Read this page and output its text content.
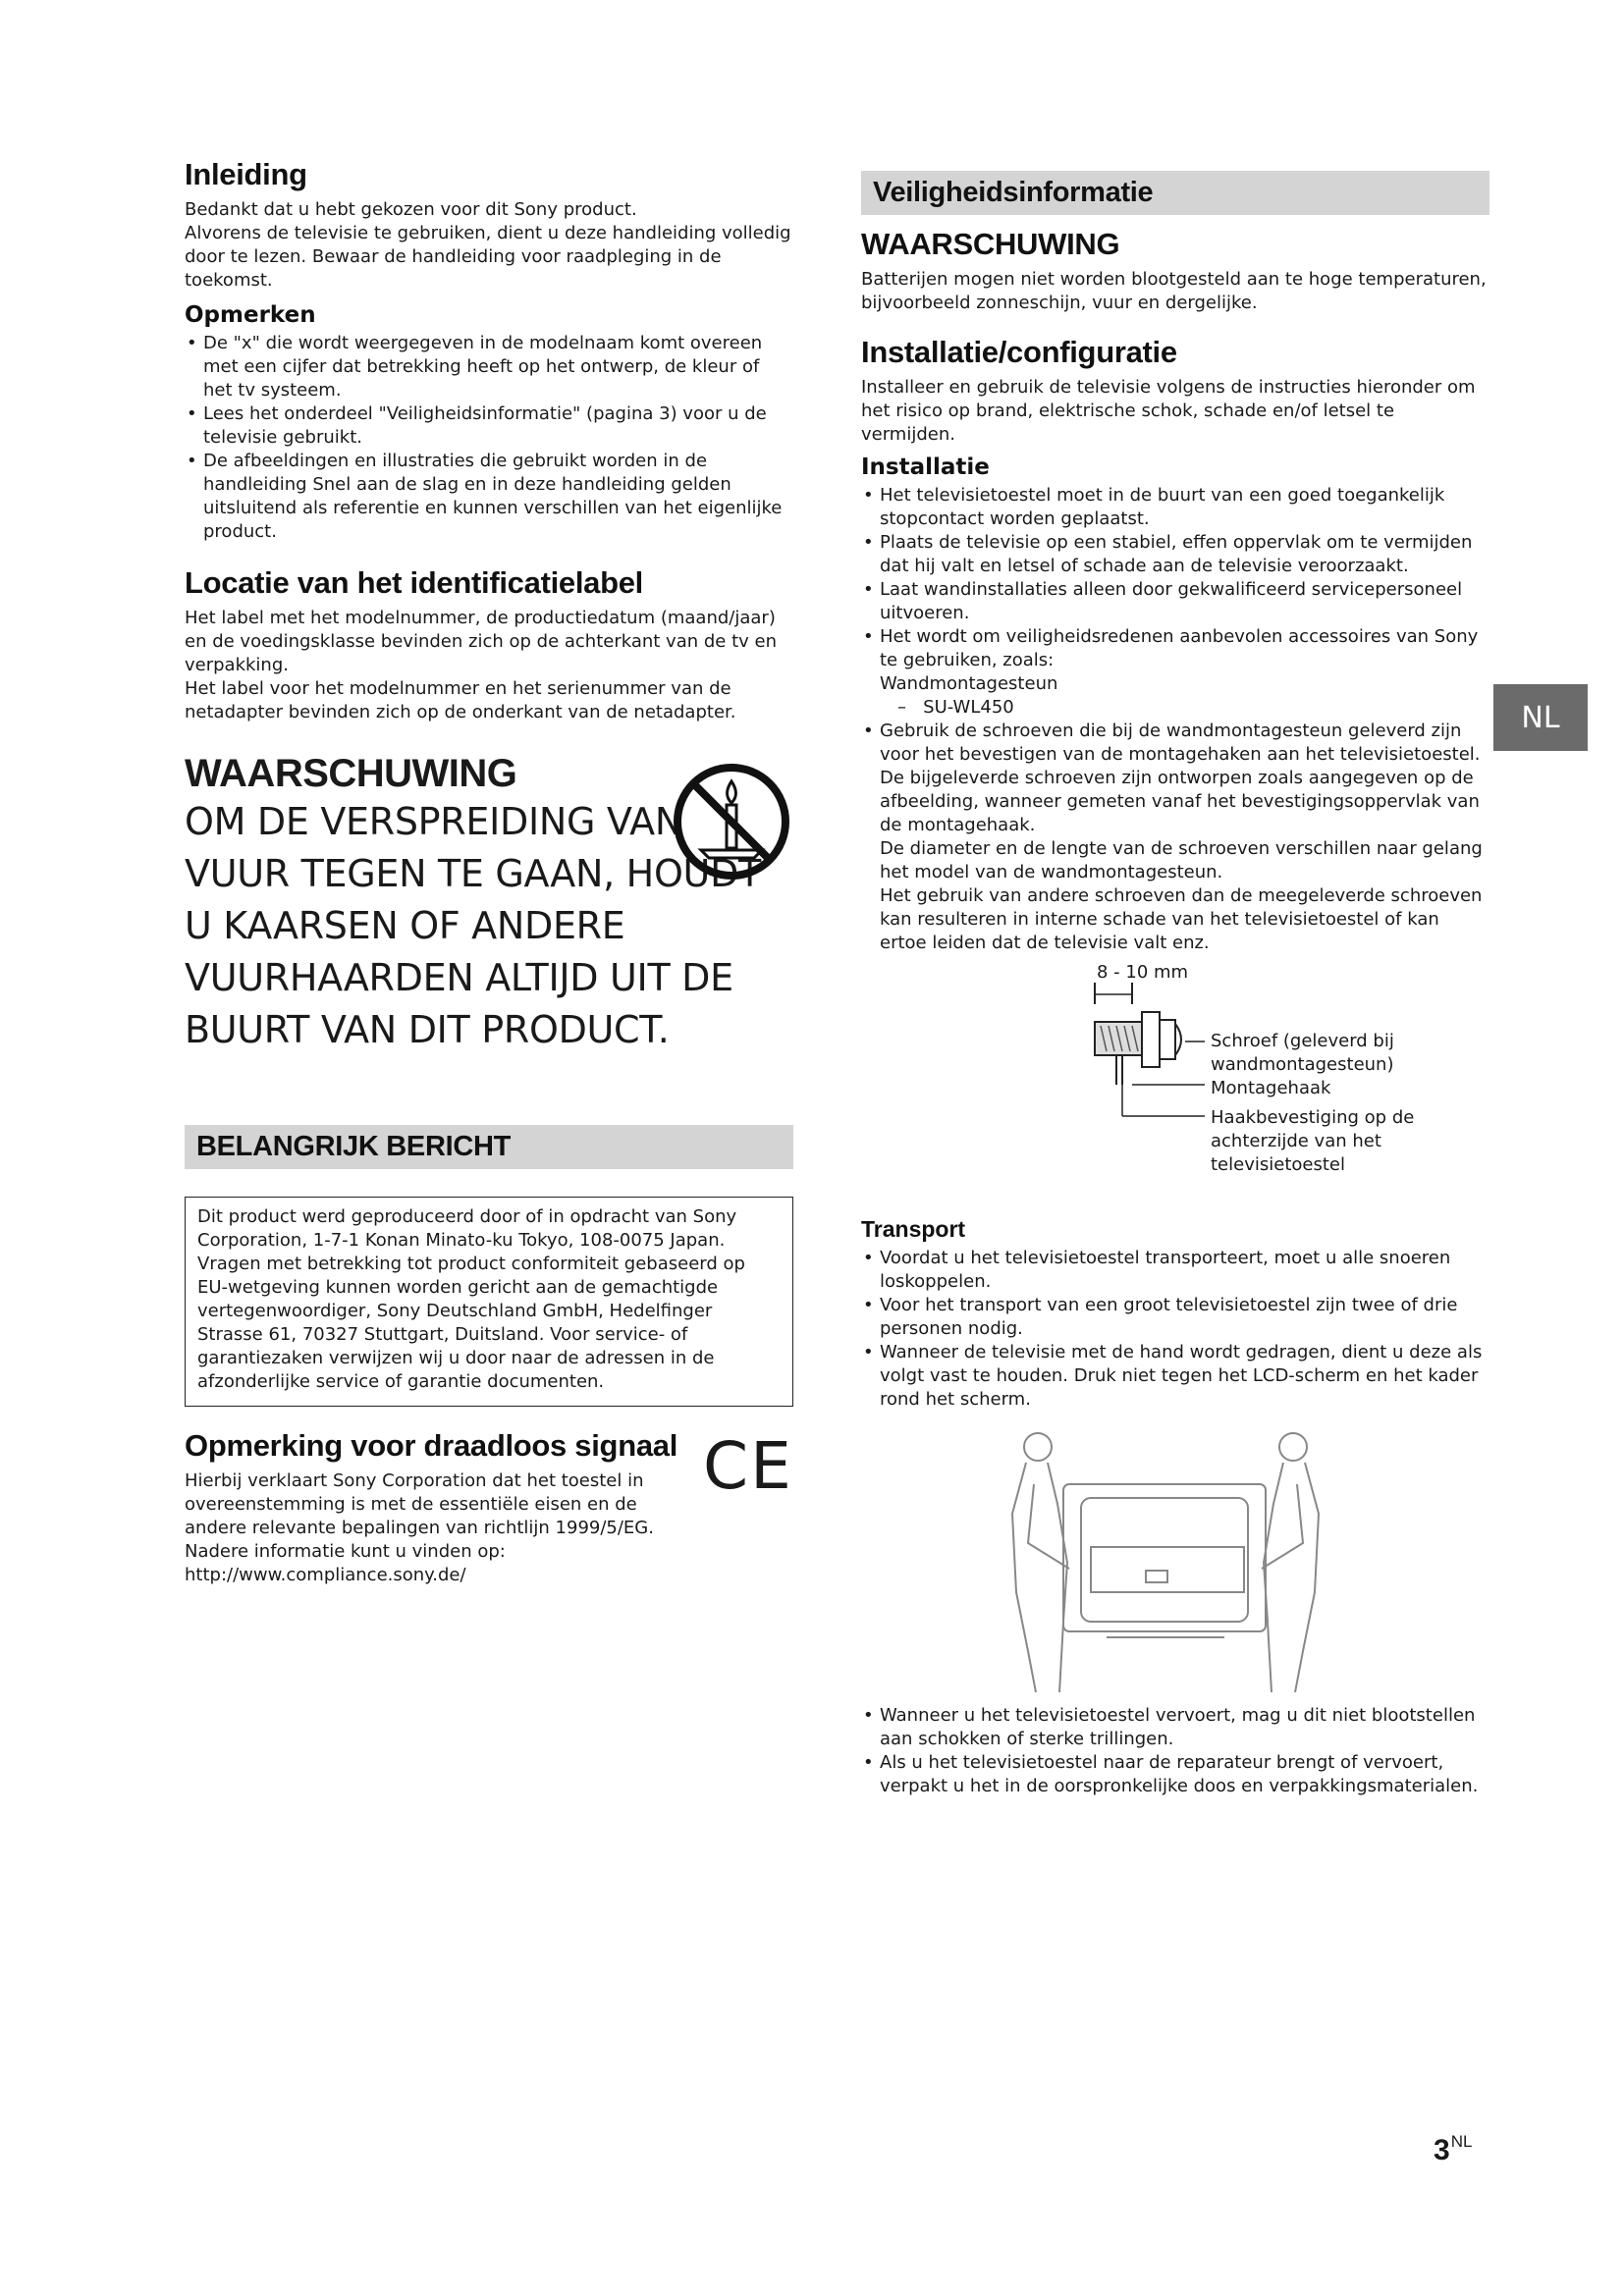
Inleiding

Bedankt dat u hebt gekozen voor dit Sony product.

Alvorens de televisie te gebruiken, dient u deze handleiding volledig door te lezen. Bewaar de handleiding voor raadpleging in de toekomst.

Opmerken
• De "x" die wordt weergegeven in de modelnaam komt overeen met een cijfer dat betrekking heeft op het ontwerp, de kleur of het tv systeem.
• Lees het onderdeel "Veiligheidsinformatie" (pagina 3) voor u de televisie gebruikt.
• De afbeeldingen en illustraties die gebruikt worden in de handleiding Snel aan de slag en in deze handleiding gelden uitsluitend als referentie en kunnen verschillen van het eigenlijke product.
Locatie van het identificatielabel

Het label met het modelnummer, de productiedatum (maand/jaar) en de voedingsklasse bevinden zich op de achterkant van de tv en verpakking.

Het label voor het modelnummer en het serienummer van de netadapter bevinden zich op de onderkant van de netadapter.

WAARSCHUWING
OM DE VERSPREIDING VAN VUUR TEGEN TE GAAN, HOUDT U KAARSEN OF ANDERE VUURHAARDEN ALTIJD UIT DE BUURT VAN DIT PRODUCT.
BELANGRIJK BERICHT
Dit product werd geproduceerd door of in opdracht van Sony Corporation, 1-7-1 Konan Minato-ku Tokyo, 108-0075 Japan. Vragen met betrekking tot product conformiteit gebaseerd op EU-wetgeving kunnen worden gericht aan de gemachtigde vertegenwoordiger, Sony Deutschland GmbH, Hedelfinger Strasse 61, 70327 Stuttgart, Duitsland. Voor service- of garantiezaken verwijzen wij u door naar de adressen in de afzonderlijke service of garantie documenten.
Opmerking voor draadloos signaal

Hierbij verklaart Sony Corporation dat het toestel in overeenstemming is met de essentiële eisen en de andere relevante bepalingen van richtlijn 1999/5/EG.

Nadere informatie kunt u vinden op:

http://www.compliance.sony.de/

CE
Veiligheidsinformatie
WAARSCHUWING

Batterijen mogen niet worden blootgesteld aan te hoge temperaturen, bijvoorbeeld zonneschijn, vuur en dergelijke.

Installatie/configuratie

Installeer en gebruik de televisie volgens de instructies hieronder om het risico op brand, elektrische schok, schade en/of letsel te vermijden.

Installatie
• Het televisietoestel moet in de buurt van een goed toegankelijk stopcontact worden geplaatst.
• Plaats de televisie op een stabiel, effen oppervlak om te vermijden dat hij valt en letsel of schade aan de televisie veroorzaakt.
• Laat wandinstallaties alleen door gekwalificeerd servicepersoneel uitvoeren.
• Het wordt om veiligheidsredenen aanbevolen accessoires van Sony te gebruiken, zoals:
Wandmontagesteun
–   SU-WL450
• Gebruik de schroeven die bij de wandmontagesteun geleverd zijn voor het bevestigen van de montagehaken aan het televisietoestel. De bijgeleverde schroeven zijn ontworpen zoals aangegeven op de afbeelding, wanneer gemeten vanaf het bevestigingsoppervlak van de montagehaak.
De diameter en de lengte van de schroeven verschillen naar gelang het model van de wandmontagesteun.
Het gebruik van andere schroeven dan de meegeleverde schroeven kan resulteren in interne schade van het televisietoestel of kan ertoe leiden dat de televisie valt enz.
8 - 10 mm
Schroef (geleverd bij wandmontagesteun)
Montagehaak
Haakbevestiging op de achterzijde van het televisietoestel
Transport
• Voordat u het televisietoestel transporteert, moet u alle snoeren loskoppelen.
• Voor het transport van een groot televisietoestel zijn twee of drie personen nodig.
• Wanneer de televisie met de hand wordt gedragen, dient u deze als volgt vast te houden. Druk niet tegen het LCD-scherm en het kader rond het scherm.
• Wanneer u het televisietoestel vervoert, mag u dit niet blootstellen aan schokken of sterke trillingen.
• Als u het televisietoestel naar de reparateur brengt of vervoert, verpakt u het in de oorspronkelijke doos en verpakkingsmaterialen.
NL
$3^{NL}$
